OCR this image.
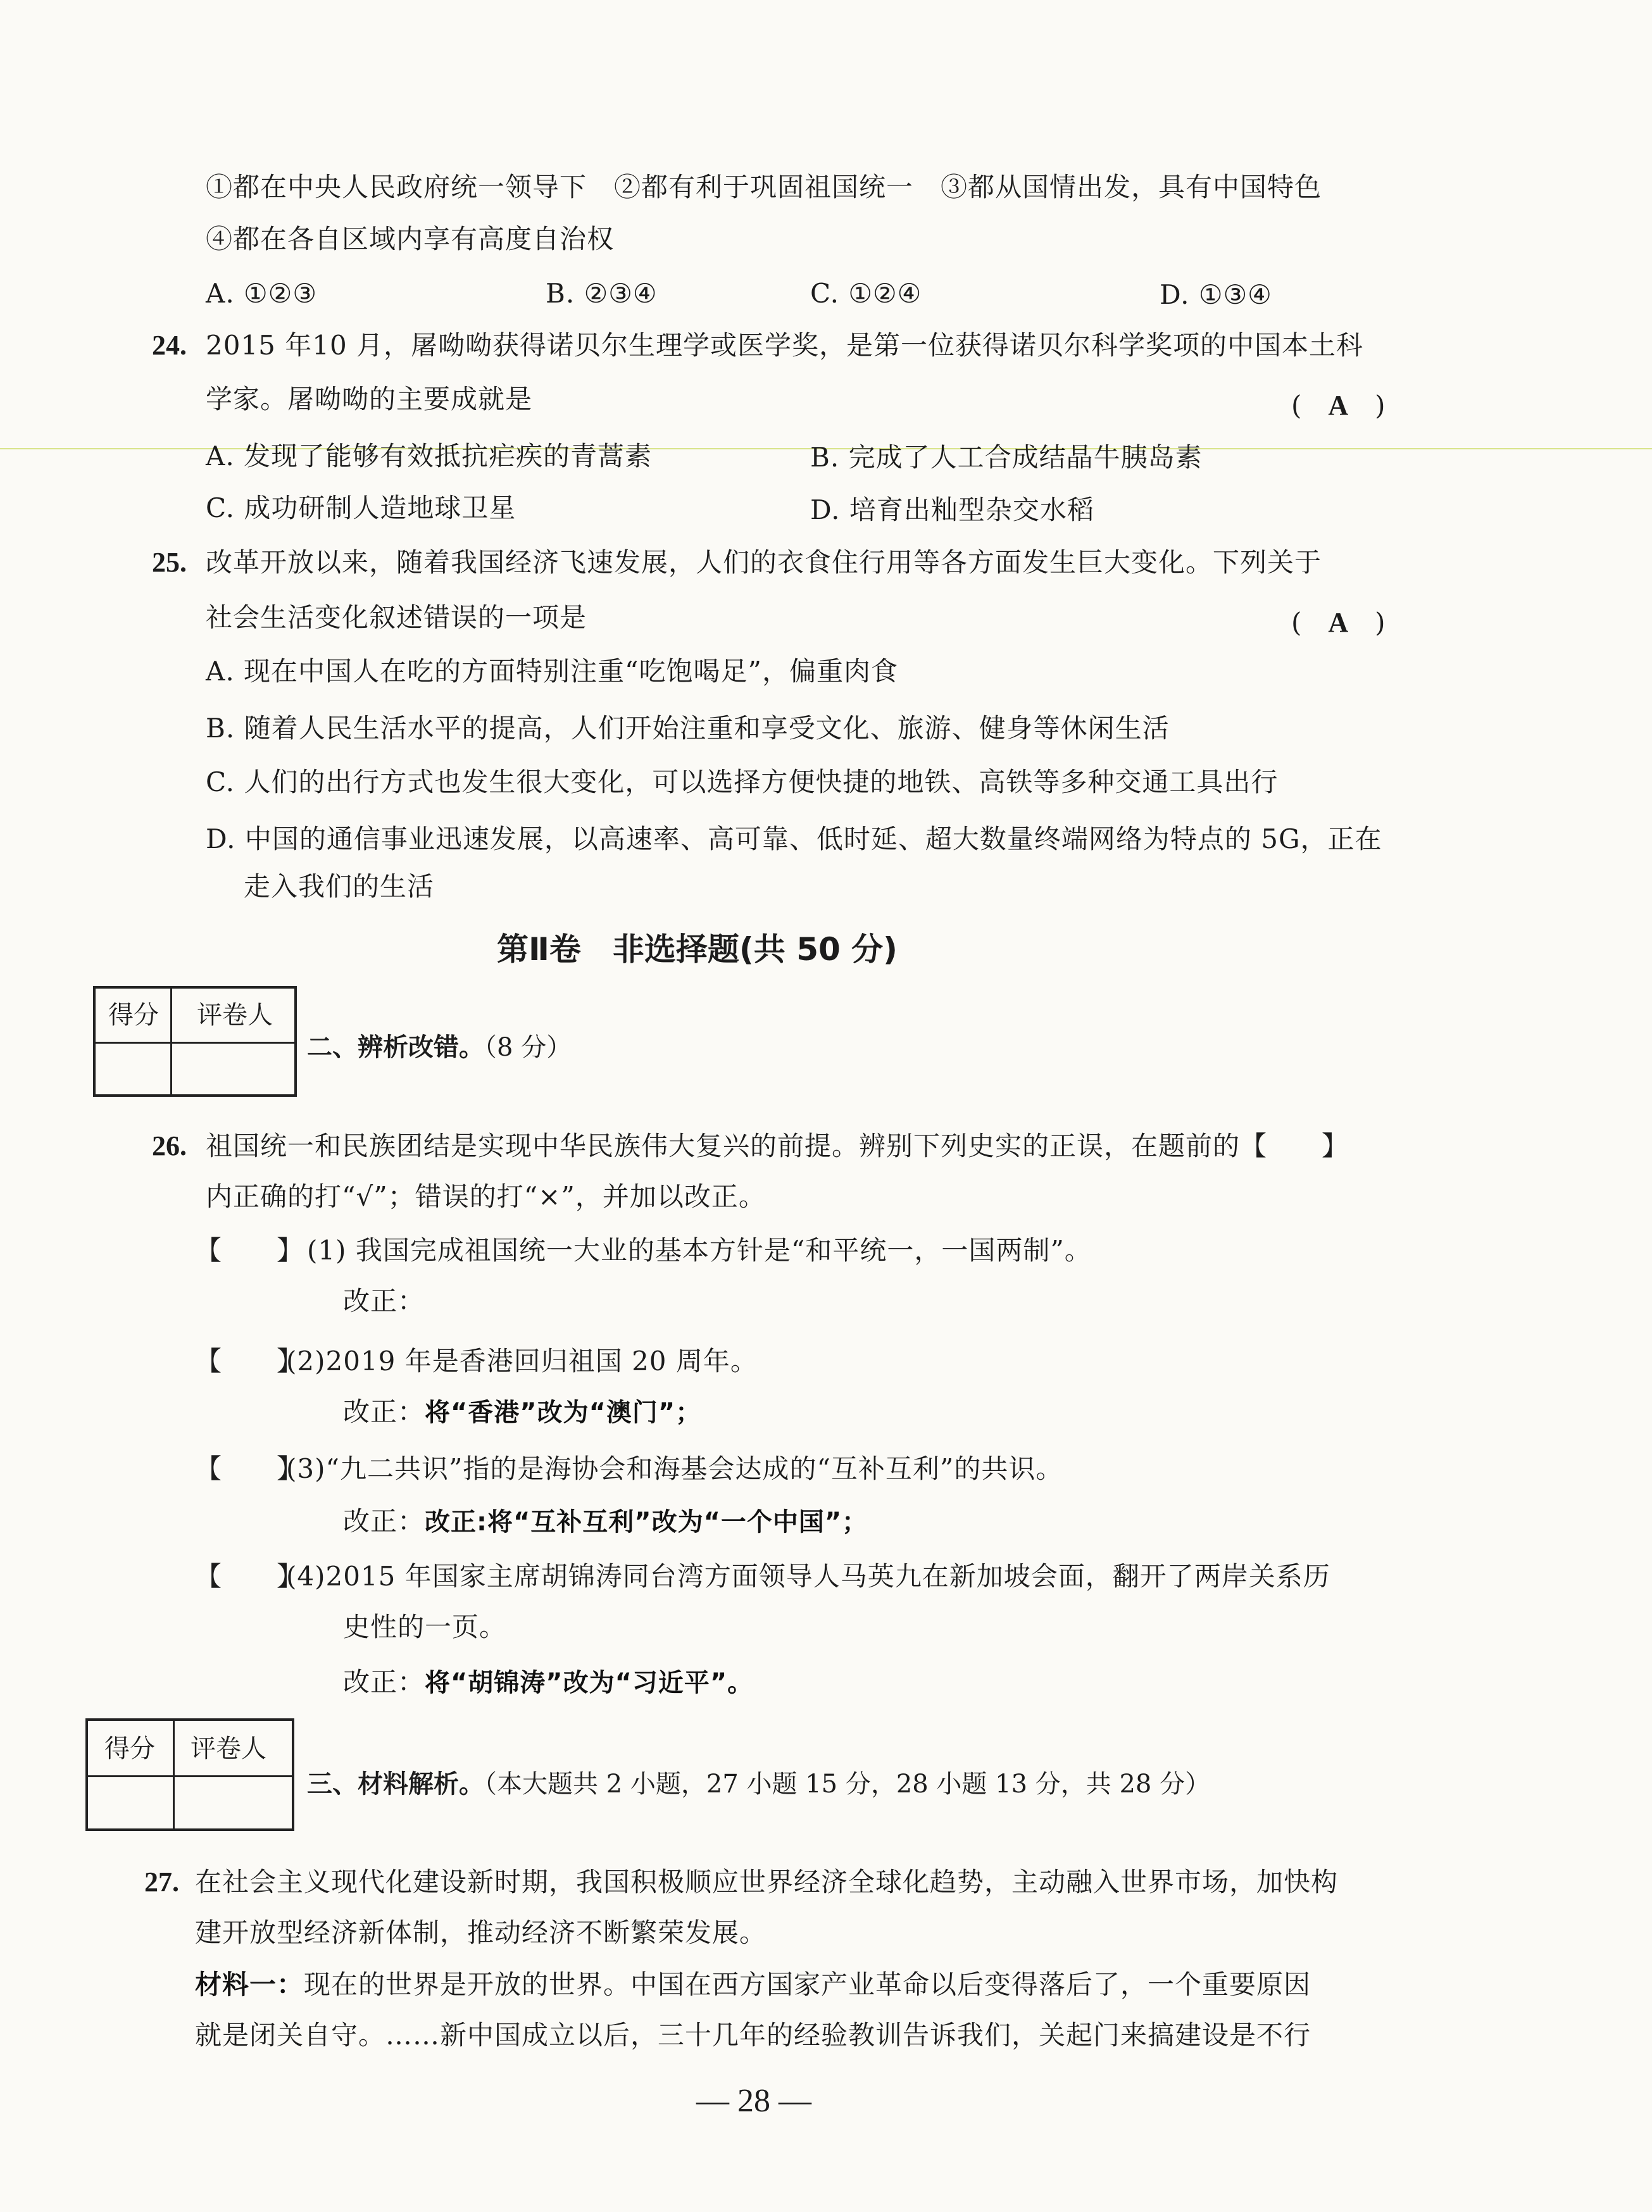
①都在中央人民政府统一领导下　②都有利于巩固祖国统一　③都从国情出发，具有中国特色
④都在各自区域内享有高度自治权
A. ①②③	B. ②③④	C. ①②④	D. ①③④
24. 2015 年10 月，屠呦呦获得诺贝尔生理学或医学奖，是第一位获得诺贝尔科学奖项的中国本土科
学家。屠呦呦的主要成就是	(　A　)
A. 发现了能够有效抵抗疟疾的青蒿素	B. 完成了人工合成结晶牛胰岛素
C. 成功研制人造地球卫星	D. 培育出籼型杂交水稻
25. 改革开放以来，随着我国经济飞速发展，人们的衣食住行用等各方面发生巨大变化。下列关于
社会生活变化叙述错误的一项是	(　A　)
A. 现在中国人在吃的方面特别注重“吃饱喝足”，偏重肉食
B. 随着人民生活水平的提高，人们开始注重和享受文化、旅游、健身等休闲生活
C. 人们的出行方式也发生很大变化，可以选择方便快捷的地铁、高铁等多种交通工具出行
D. 中国的通信事业迅速发展，以高速率、高可靠、低时延、超大数量终端网络为特点的 5G，正在
走入我们的生活
第Ⅱ卷　非选择题(共 50 分)
得分 评卷人
二、辨析改错。（8 分）
26. 祖国统一和民族团结是实现中华民族伟大复兴的前提。辨别下列史实的正误，在题前的【　　】
内正确的打“√”；错误的打“×”，并加以改正。
【　　】 (1) 我国完成祖国统一大业的基本方针是“和平统一，一国两制”。
改正：
【　　】
(2)2019 年是香港回归祖国 20 周年。
改正：将“香港”改为“澳门”；
【　　】
(3)“九二共识”指的是海协会和海基会达成的“互补互利”的共识。
改正：改正:将“互补互利”改为“一个中国”；
【　　】
(4)2015 年国家主席胡锦涛同台湾方面领导人马英九在新加坡会面，翻开了两岸关系历
史性的一页。
改正：将“胡锦涛”改为“习近平”。
得分 评卷人
三、材料解析。（本大题共 2 小题，27 小题 15 分，28 小题 13 分，共 28 分）
27. 在社会主义现代化建设新时期，我国积极顺应世界经济全球化趋势，主动融入世界市场，加快构
建开放型经济新体制，推动经济不断繁荣发展。
材料一：现在的世界是开放的世界。中国在西方国家产业革命以后变得落后了，一个重要原因
就是闭关自守。……新中国成立以后，三十几年的经验教训告诉我们，关起门来搞建设是不行
— 28 —
